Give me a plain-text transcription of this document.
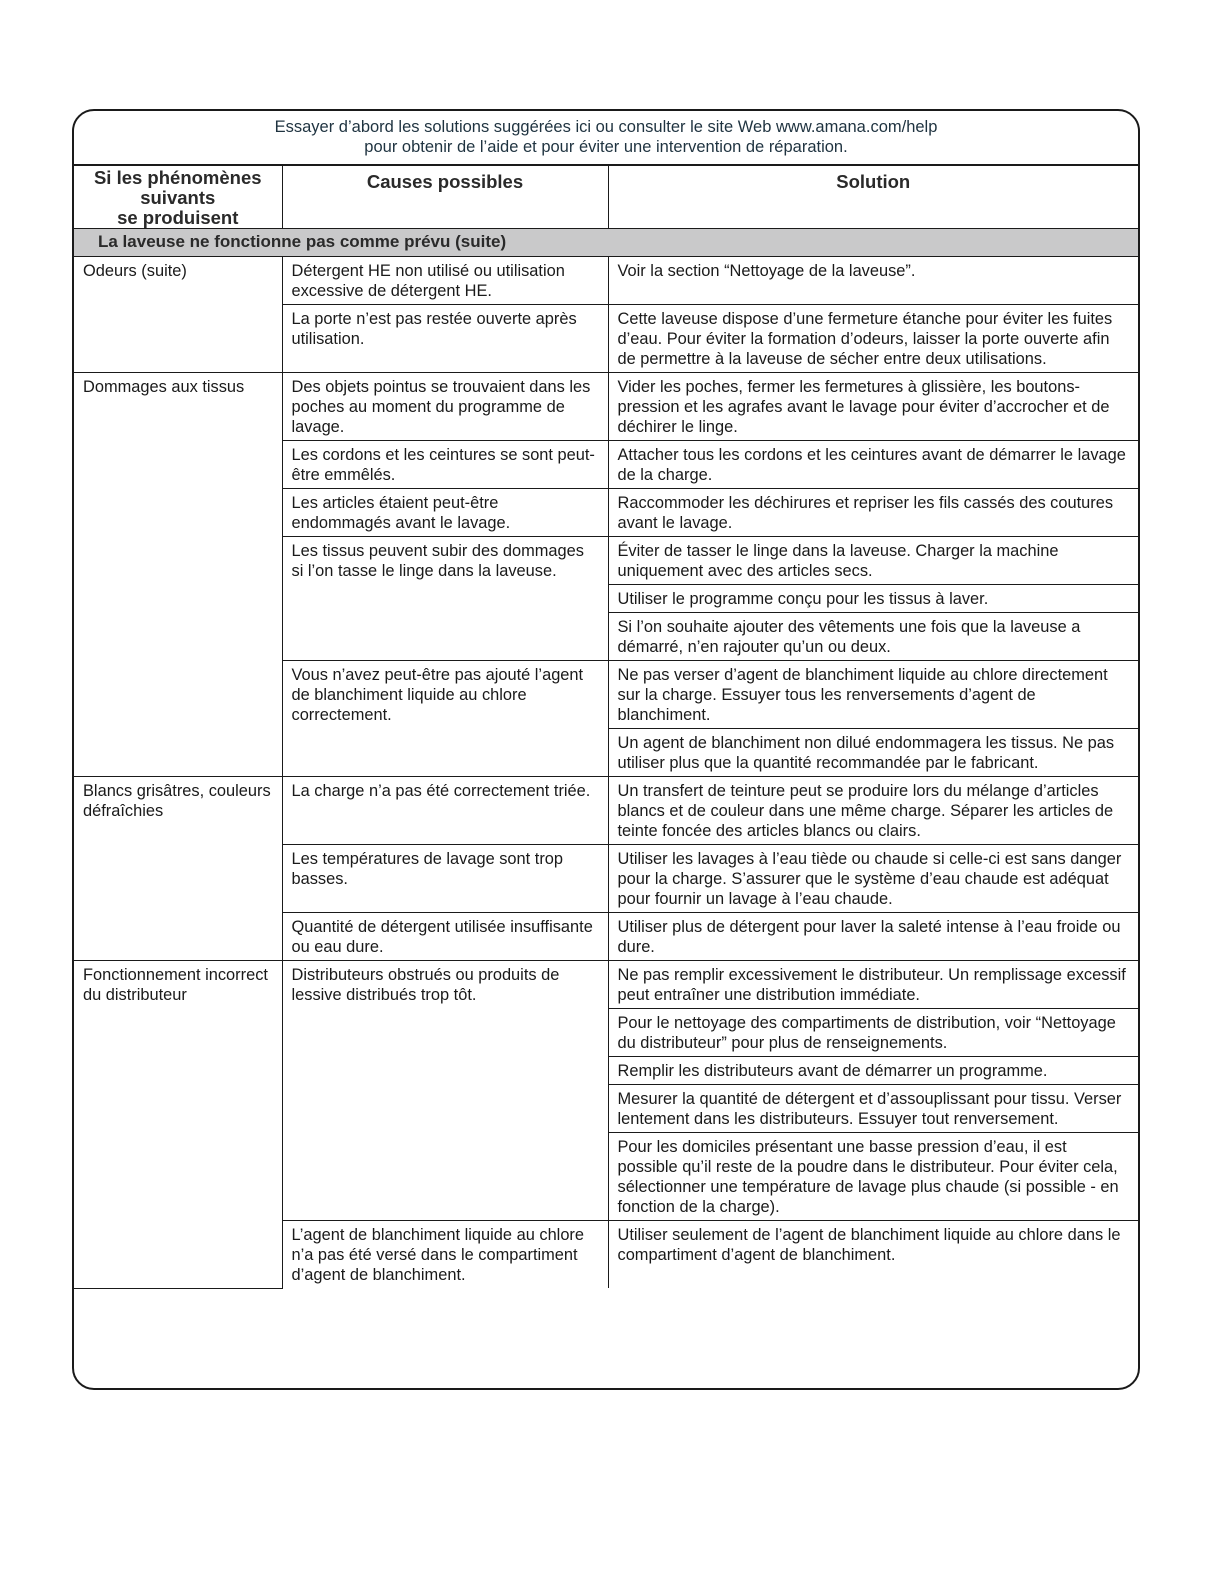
Essayer d’abord les solutions suggérées ici ou consulter le site Web www.amana.com/help
pour obtenir de l’aide et pour éviter une intervention de réparation.
Si les phénomènes
suivants
se produisent	Causes possibles	Solution
La laveuse ne fonctionne pas comme prévu (suite)		
Odeurs (suite)	Détergent HE non utilisé ou utilisation excessive de détergent HE.	Voir la section “Nettoyage de la laveuse”.
	La porte n’est pas restée ouverte après utilisation.	Cette laveuse dispose d’une fermeture étanche pour éviter les fuites d’eau. Pour éviter la formation d’odeurs, laisser la porte ouverte afin de permettre à la laveuse de sécher entre deux utilisations.
Dommages aux tissus	Des objets pointus se trouvaient dans les poches au moment du programme de lavage.	Vider les poches, fermer les fermetures à glissière, les boutons-pression et les agrafes avant le lavage pour éviter d’accrocher et de déchirer le linge.
	Les cordons et les ceintures se sont peut-être emmêlés.	Attacher tous les cordons et les ceintures avant de démarrer le lavage de la charge.
	Les articles étaient peut-être endommagés avant le lavage.	Raccommoder les déchirures et repriser les fils cassés des coutures avant le lavage.
	Les tissus peuvent subir des dommages si l’on tasse le linge dans la laveuse.	Éviter de tasser le linge dans la laveuse. Charger la machine uniquement avec des articles secs.
		Utiliser le programme conçu pour les tissus à laver.
		Si l’on souhaite ajouter des vêtements une fois que la laveuse a démarré, n’en rajouter qu’un ou deux.
	Vous n’avez peut-être pas ajouté l’agent de blanchiment liquide au chlore correctement.	Ne pas verser d’agent de blanchiment liquide au chlore directement sur la charge. Essuyer tous les renversements d’agent de blanchiment.
		Un agent de blanchiment non dilué endommagera les tissus. Ne pas utiliser plus que la quantité recommandée par le fabricant.
Blancs grisâtres, couleurs défraîchies	La charge n’a pas été correctement triée.	Un transfert de teinture peut se produire lors du mélange d’articles blancs et de couleur dans une même charge. Séparer les articles de teinte foncée des articles blancs ou clairs.
	Les températures de lavage sont trop basses.	Utiliser les lavages à l’eau tiède ou chaude si celle-ci est sans danger pour la charge. S’assurer que le système d’eau chaude est adéquat pour fournir un lavage à l’eau chaude.
	Quantité de détergent utilisée insuffisante ou eau dure.	Utiliser plus de détergent pour laver la saleté intense à l’eau froide ou dure.
Fonctionnement incorrect du distributeur	Distributeurs obstrués ou produits de lessive distribués trop tôt.	Ne pas remplir excessivement le distributeur. Un remplissage excessif peut entraîner une distribution immédiate.
		Pour le nettoyage des compartiments de distribution, voir “Nettoyage du distributeur” pour plus de renseignements.
		Remplir les distributeurs avant de démarrer un programme.
		Mesurer la quantité de détergent et d’assouplissant pour tissu. Verser lentement dans les distributeurs. Essuyer tout renversement.
		Pour les domiciles présentant une basse pression d’eau, il est possible qu’il reste de la poudre dans le distributeur. Pour éviter cela, sélectionner une température de lavage plus chaude (si possible - en fonction de la charge).
	L’agent de blanchiment liquide au chlore n’a pas été versé dans le compartiment d’agent de blanchiment.	Utiliser seulement de l’agent de blanchiment liquide au chlore dans le compartiment d’agent de blanchiment.
